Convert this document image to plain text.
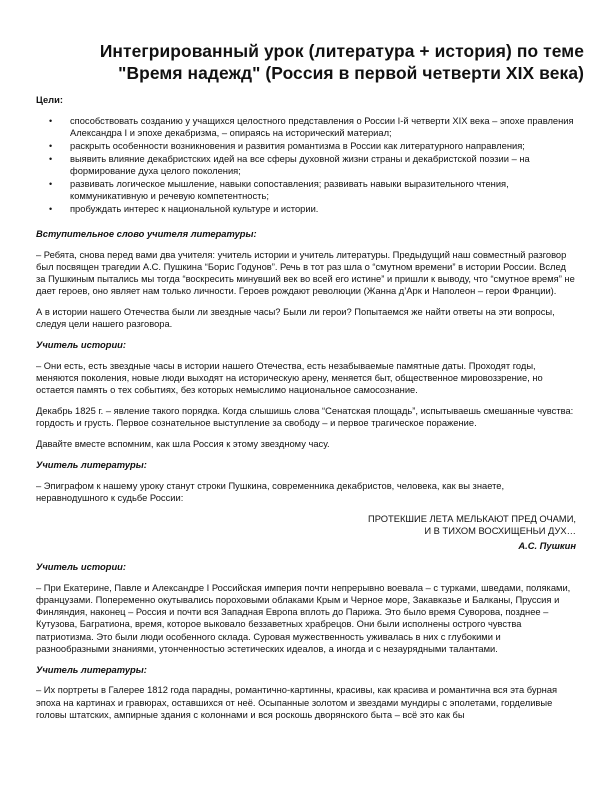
Интегрированный урок (литература + история) по теме
"Время надежд" (Россия в первой четверти XIX века)

Цели:

• способствовать созданию у учащихся целостного представления о России I-й четверти XIX века – эпохе правления Александра I и эпохе декабризма, – опираясь на исторический материал;
• раскрыть особенности возникновения и развития романтизма в России как литературного направления;
• выявить влияние декабристских идей на все сферы духовной жизни страны и декабристской поэзии – на формирование духа целого поколения;
• развивать логическое мышление, навыки сопоставления; развивать навыки выразительного чтения, коммуникативную и речевую компетентность;
• пробуждать интерес к национальной культуре и истории.

Вступительное слово учителя литературы:

– Ребята, снова перед вами два учителя: учитель истории и учитель литературы. Предыдущий наш совместный разговор был посвящен трагедии А.С. Пушкина “Борис Годунов”. Речь в тот раз шла о “смутном времени” в истории России. Вслед за Пушкиным пытались мы тогда “воскресить минувший век во всей его истине” и пришли к выводу, что “смутное время” не дает героев, оно являет нам только личности. Героев рождают революции (Жанна д’Арк и Наполеон – герои Франции).

А в истории нашего Отечества были ли звездные часы? Были ли герои? Попытаемся же найти ответы на эти вопросы, следуя цели нашего разговора.

Учитель истории:

– Они есть, есть звездные часы в истории нашего Отечества, есть незабываемые памятные даты. Проходят годы, меняются поколения, новые люди выходят на историческую арену, меняется быт, общественное мировоззрение, но остается память о тех событиях, без которых немыслимо национальное самосознание.

Декабрь 1825 г. – явление такого порядка. Когда слышишь слова “Сенатская площадь”, испытываешь смешанные чувства: гордость и грусть. Первое сознательное выступление за свободу – и первое трагическое поражение.

Давайте вместе вспомним, как шла Россия к этому звездному часу.

Учитель литературы:

– Эпиграфом к нашему уроку станут строки Пушкина, современника декабристов, человека, как вы знаете, неравнодушного к судьбе России:

ПРОТЕКШИЕ ЛЕТА МЕЛЬКАЮТ ПРЕД ОЧАМИ,
И В ТИХОМ ВОСХИЩЕНЬИ ДУХ…

А.С. Пушкин

Учитель истории:

– При Екатерине, Павле и Александре I Российская империя почти непрерывно воевала – с турками, шведами, поляками, французами. Попеременно окутывались пороховыми облаками Крым и Черное море, Закавказье и Балканы, Пруссия и Финляндия, наконец – Россия и почти вся Западная Европа вплоть до Парижа. Это было время Суворова, позднее – Кутузова, Багратиона, время, которое выковало беззаветных храбрецов. Они были исполнены острого чувства патриотизма. Это были люди особенного склада. Суровая мужественность уживалась в них с глубокими и разнообразными знаниями, утонченностью эстетических идеалов, а иногда и с незаурядными талантами.

Учитель литературы:

– Их портреты в Галерее 1812 года парадны, романтично-картинны, красивы, как красива и романтична вся эта бурная эпоха на картинах и гравюрах, оставшихся от неё. Осыпанные золотом и звездами мундиры с эполетами, горделивые головы штатских, ампирные здания с колоннами и вся роскошь дворянского быта – всё это как бы
